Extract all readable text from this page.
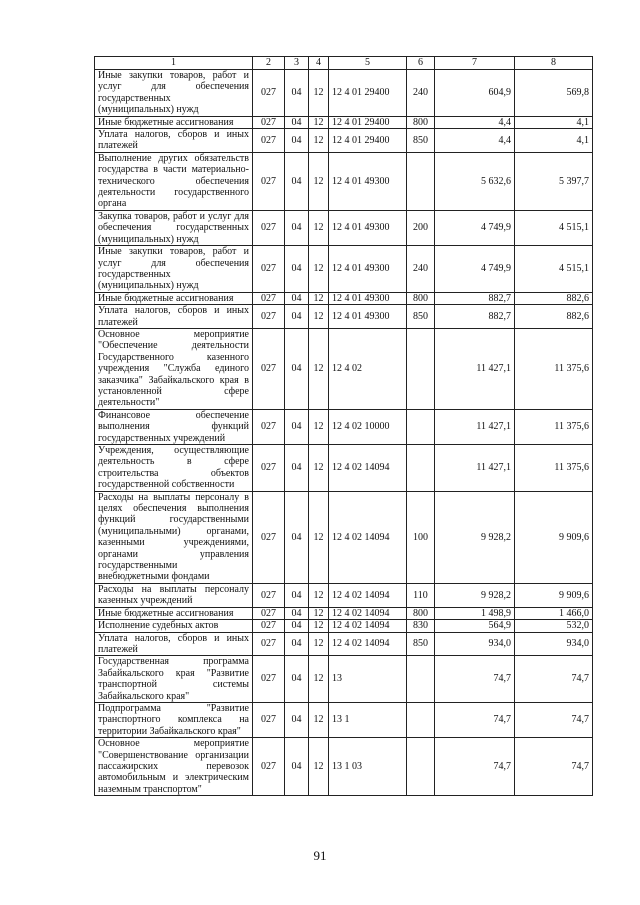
1	2	3	4	5	6	7	8
Иные закупки товаров, работ и услуг для обеспечения государственных (муниципальных) нужд	027	04	12	12 4 01 29400	240	604,9	569,8
Иные бюджетные ассигнования	027	04	12	12 4 01 29400	800	4,4	4,1
Уплата налогов, сборов и иных платежей	027	04	12	12 4 01 29400	850	4,4	4,1
Выполнение других обязательств государства в части материально-технического обеспечения деятельности государственного органа	027	04	12	12 4 01 49300		5 632,6	5 397,7
Закупка товаров, работ и услуг для обеспечения государственных (муниципальных) нужд	027	04	12	12 4 01 49300	200	4 749,9	4 515,1
Иные закупки товаров, работ и услуг для обеспечения государственных (муниципальных) нужд	027	04	12	12 4 01 49300	240	4 749,9	4 515,1
Иные бюджетные ассигнования	027	04	12	12 4 01 49300	800	882,7	882,6
Уплата налогов, сборов и иных платежей	027	04	12	12 4 01 49300	850	882,7	882,6
Основное мероприятие "Обеспечение деятельности Государственного казенного учреждения "Служба единого заказчика" Забайкальского края в установленной сфере деятельности"	027	04	12	12 4 02		11 427,1	11 375,6
Финансовое обеспечение выполнения функций государственных учреждений	027	04	12	12 4 02 10000		11 427,1	11 375,6
Учреждения, осуществляющие деятельность в сфере строительства объектов государственной собственности	027	04	12	12 4 02 14094		11 427,1	11 375,6
Расходы на выплаты персоналу в целях обеспечения выполнения функций государственными (муниципальными) органами, казенными учреждениями, органами управления государственными внебюджетными фондами	027	04	12	12 4 02 14094	100	9 928,2	9 909,6
Расходы на выплаты персоналу казенных учреждений	027	04	12	12 4 02 14094	110	9 928,2	9 909,6
Иные бюджетные ассигнования	027	04	12	12 4 02 14094	800	1 498,9	1 466,0
Исполнение судебных актов	027	04	12	12 4 02 14094	830	564,9	532,0
Уплата налогов, сборов и иных платежей	027	04	12	12 4 02 14094	850	934,0	934,0
Государственная программа Забайкальского края "Развитие транспортной системы Забайкальского края"	027	04	12	13		74,7	74,7
Подпрограмма "Развитие транспортного комплекса на территории Забайкальского края"	027	04	12	13 1		74,7	74,7
Основное мероприятие "Совершенствование организации пассажирских перевозок автомобильным и электрическим наземным транспортом"	027	04	12	13 1 03		74,7	74,7
91
